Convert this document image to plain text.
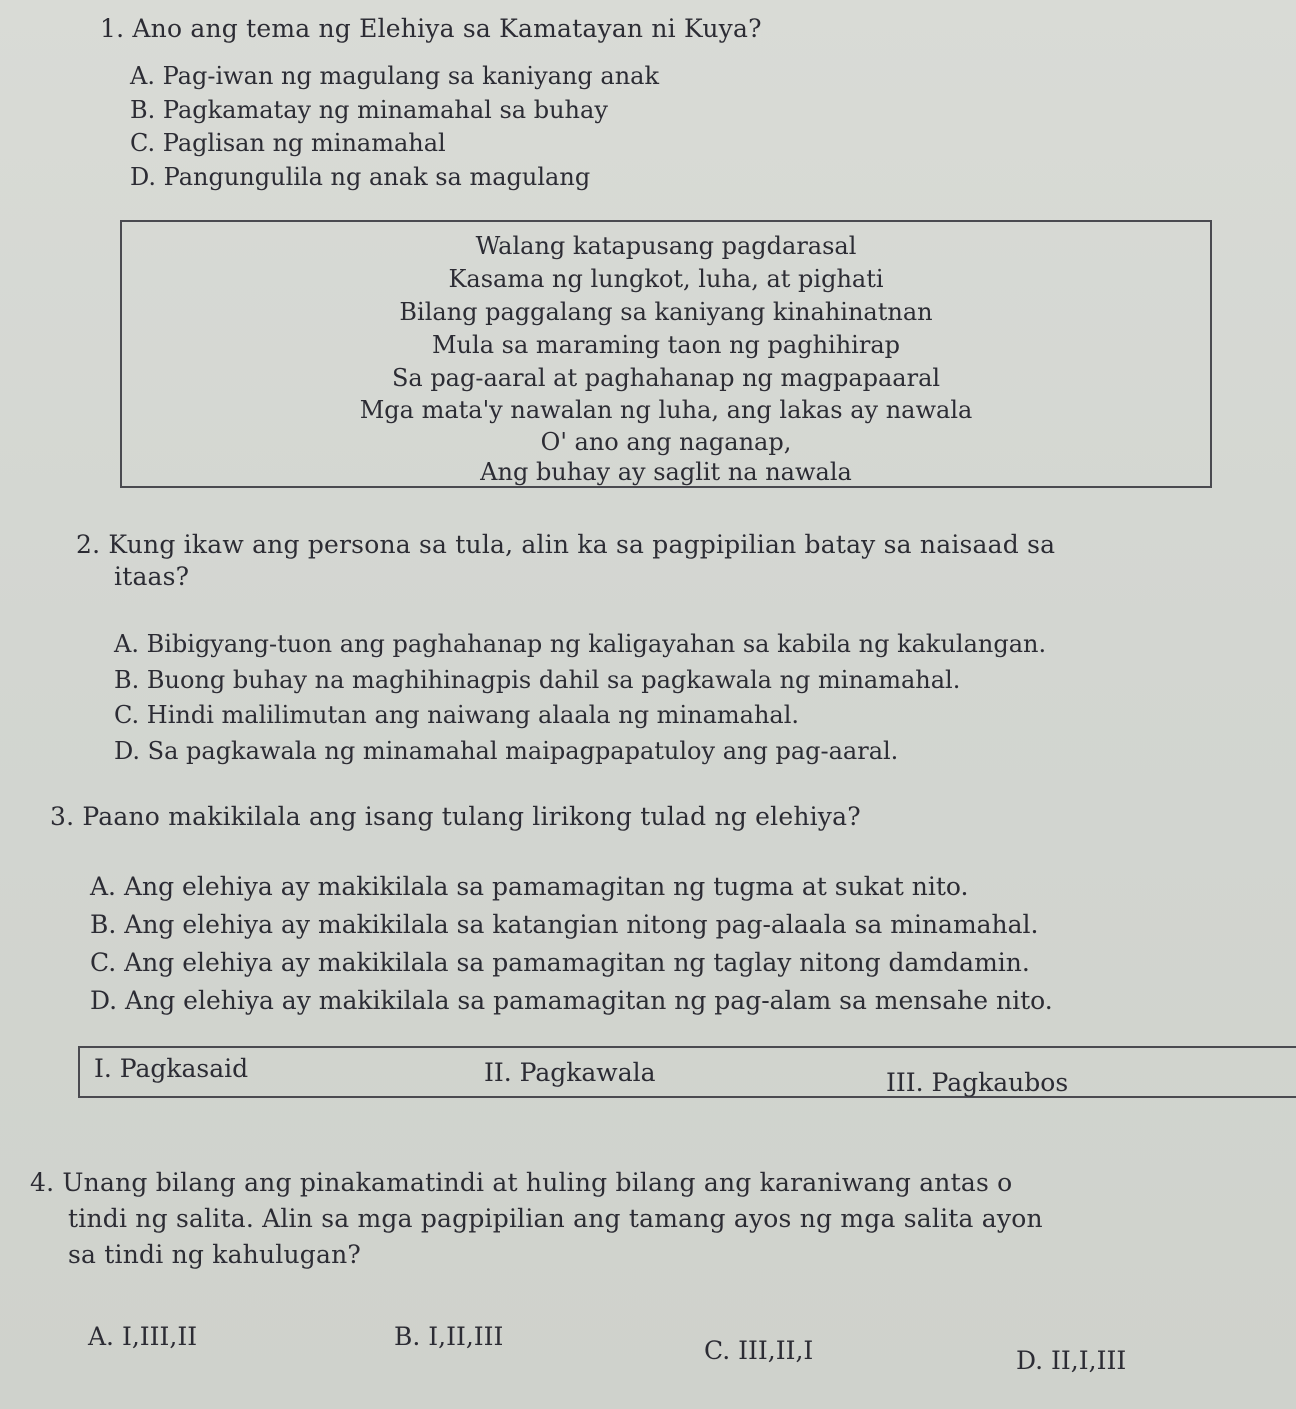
1. Ano ang tema ng Elehiya sa Kamatayan ni Kuya?
A. Pag-iwan ng magulang sa kaniyang anak
B. Pagkamatay ng minamahal sa buhay
C. Paglisan ng minamahal
D. Pangungulila ng anak sa magulang
Walang katapusang pagdarasal
Kasama ng lungkot, luha, at pighati
Bilang paggalang sa kaniyang kinahinatnan
Mula sa maraming taon ng paghihirap
Sa pag-aaral at paghahanap ng magpapaaral
Mga mata'y nawalan ng luha, ang lakas ay nawala
O' ano ang naganap,
Ang buhay ay saglit na nawala
2. Kung ikaw ang persona sa tula, alin ka sa pagpipilian batay sa naisaad sa
itaas?
A. Bibigyang-tuon ang paghahanap ng kaligayahan sa kabila ng kakulangan.
B. Buong buhay na maghihinagpis dahil sa pagkawala ng minamahal.
C. Hindi malilimutan ang naiwang alaala ng minamahal.
D. Sa pagkawala ng minamahal maipagpapatuloy ang pag-aaral.
3. Paano makikilala ang isang tulang lirikong tulad ng elehiya?
A. Ang elehiya ay makikilala sa pamamagitan ng tugma at sukat nito.
B. Ang elehiya ay makikilala sa katangian nitong pag-alaala sa minamahal.
C. Ang elehiya ay makikilala sa pamamagitan ng taglay nitong damdamin.
D. Ang elehiya ay makikilala sa pamamagitan ng pag-alam sa mensahe nito.
I. Pagkasaid	II. Pagkawala	III. Pagkaubos
4. Unang bilang ang pinakamatindi at huling bilang ang karaniwang antas o
tindi ng salita. Alin sa mga pagpipilian ang tamang ayos ng mga salita ayon
sa tindi ng kahulugan?
A. I,III,II	B. I,II,III	C. III,II,I	D. II,I,III
